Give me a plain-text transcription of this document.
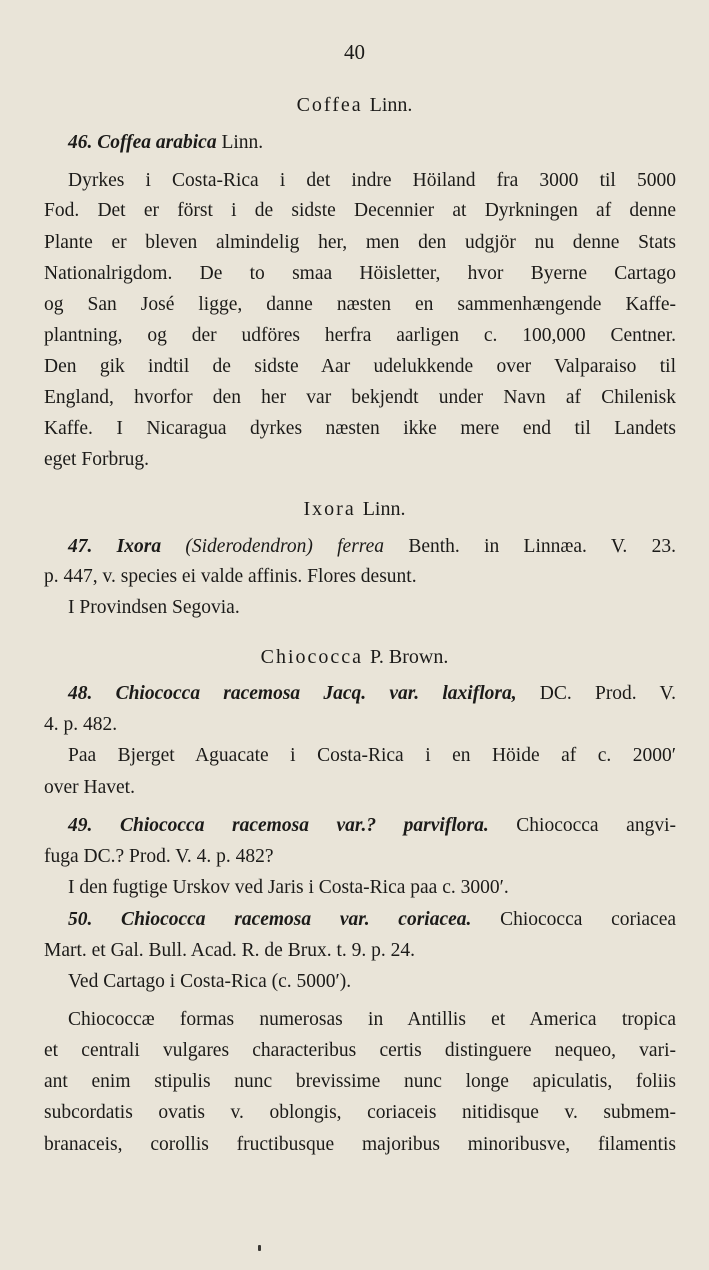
40
Coffea Linn.
46. Coffea arabica Linn.
Dyrkes i Costa-Rica i det indre Höiland fra 3000 til 5000
Fod. Det er först i de sidste Decennier at Dyrkningen af denne
Plante er bleven almindelig her, men den udgjör nu denne Stats
Nationalrigdom. De to smaa Höisletter, hvor Byerne Cartago
og San José ligge, danne næsten en sammenhængende Kaffe-
plantning, og der udföres herfra aarligen c. 100,000 Centner.
Den gik indtil de sidste Aar udelukkende over Valparaiso til
England, hvorfor den her var bekjendt under Navn af Chilenisk
Kaffe. I Nicaragua dyrkes næsten ikke mere end til Landets
eget Forbrug.
Ixora Linn.
47. Ixora (Siderodendron) ferrea Benth. in Linnæa. V. 23.
p. 447, v. species ei valde affinis. Flores desunt.
I Provindsen Segovia.
Chiococca P. Brown.
48. Chiococca racemosa Jacq. var. laxiflora, DC. Prod. V.
4. p. 482.
Paa Bjerget Aguacate i Costa-Rica i en Höide af c. 2000′
over Havet.
49. Chiococca racemosa var.? parviflora. Chiococca angvi-
fuga DC.? Prod. V. 4. p. 482?
I den fugtige Urskov ved Jaris i Costa-Rica paa c. 3000′.
50. Chiococca racemosa var. coriacea. Chiococca coriacea
Mart. et Gal. Bull. Acad. R. de Brux. t. 9. p. 24.
Ved Cartago i Costa-Rica (c. 5000′).
Chiococcæ formas numerosas in Antillis et America tropica
et centrali vulgares characteribus certis distinguere nequeo, vari-
ant enim stipulis nunc brevissime nunc longe apiculatis, foliis
subcordatis ovatis v. oblongis, coriaceis nitidisque v. submem-
branaceis, corollis fructibusque majoribus minoribusve, filamentis
